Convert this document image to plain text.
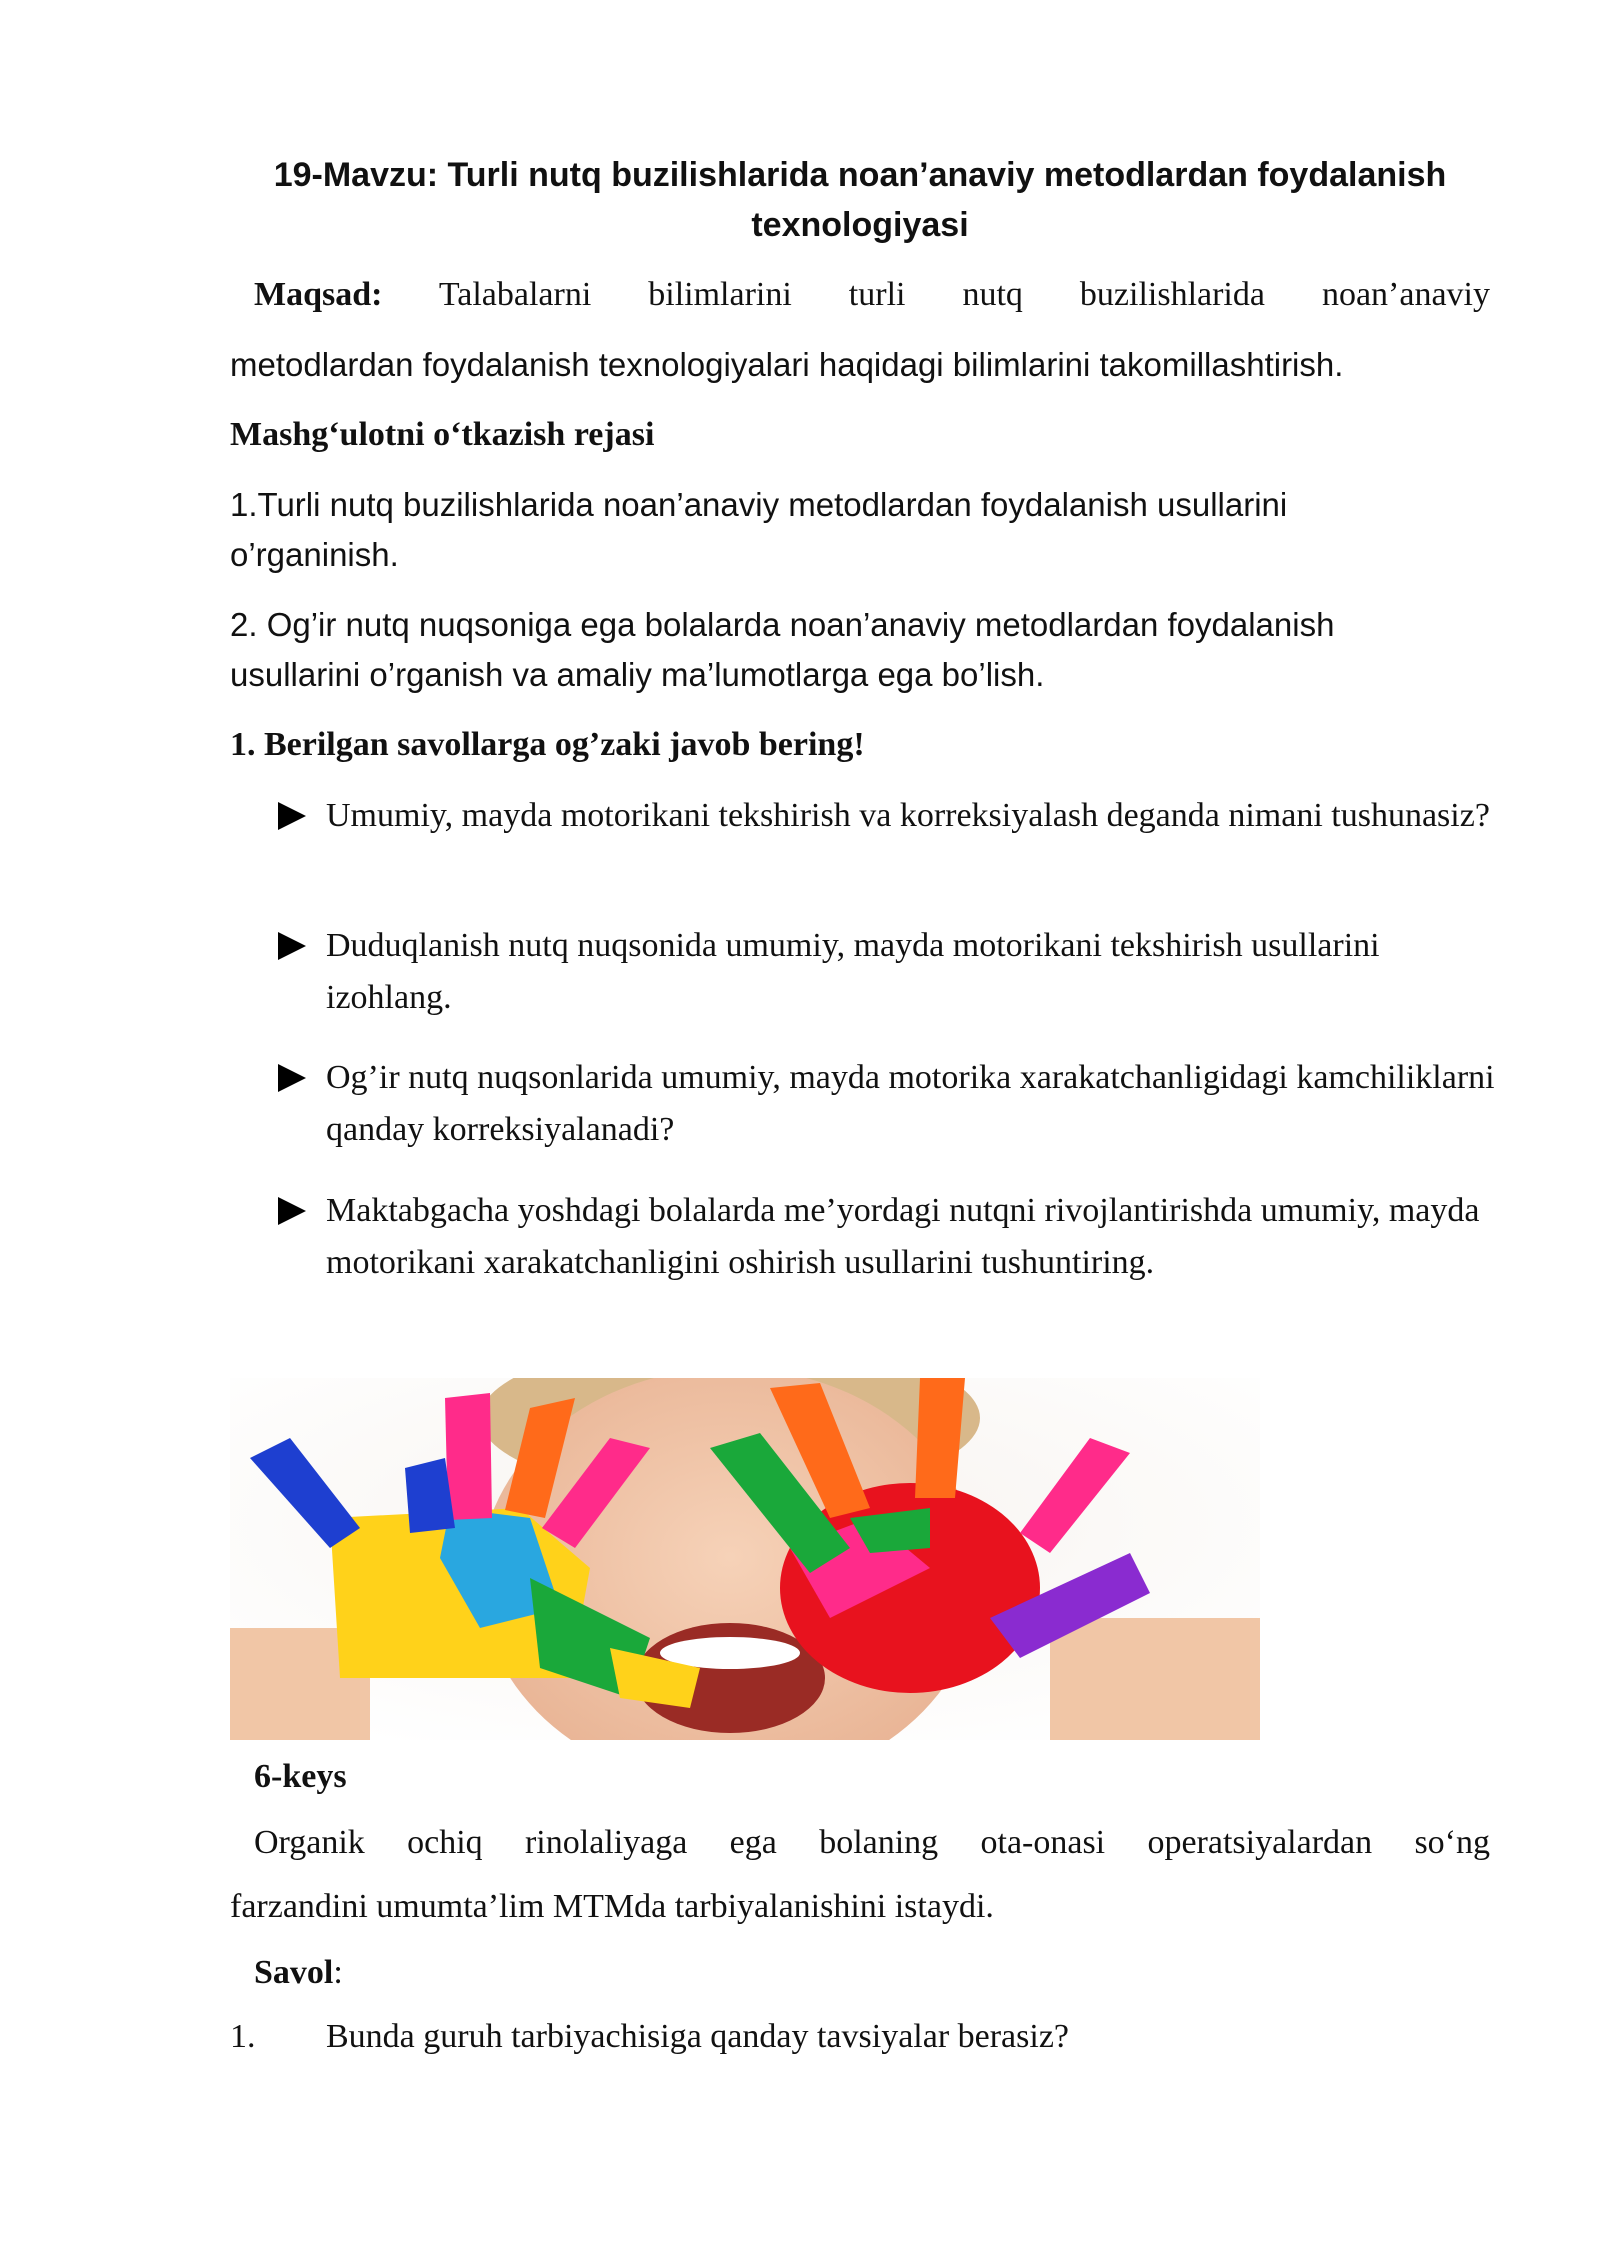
19-Mavzu: Turli nutq buzilishlarida noan’anaviy metodlardan foydalanish texnologiyasi
Maqsad: Talabalarni bilimlarini turli nutq buzilishlarida noan’anaviy
metodlardan foydalanish texnologiyalari haqidagi bilimlarini takomillashtirish.
Mashg‘ulotni o‘tkazish rejasi
1.Turli nutq buzilishlarida noan’anaviy metodlardan foydalanish usullarini o’rganinish.
2. Og’ir nutq nuqsoniga ega bolalarda noan’anaviy metodlardan foydalanish usullarini o’rganish va amaliy ma’lumotlarga ega bo’lish.
1. Berilgan savollarga og’zaki javob bering!
Umumiy, mayda motorikani tekshirish va korreksiyalash deganda nimani tushunasiz?
Duduqlanish nutq nuqsonida umumiy, mayda motorikani tekshirish usullarini izohlang.
Og’ir nutq nuqsonlarida umumiy, mayda motorika xarakatchanligidagi kamchiliklarni qanday korreksiyalanadi?
Maktabgacha yoshdagi bolalarda me’yordagi nutqni rivojlantirishda umumiy, mayda motorikani xarakatchanligini oshirish usullarini tushuntiring.
6-keys
Organik ochiq rinolaliyaga ega bolaning ota-onasi operatsiyalardan so‘ng
farzandini umumta’lim MTMda tarbiyalanishini istaydi.
Savol:
1. Bunda guruh tarbiyachisiga qanday tavsiyalar berasiz?
